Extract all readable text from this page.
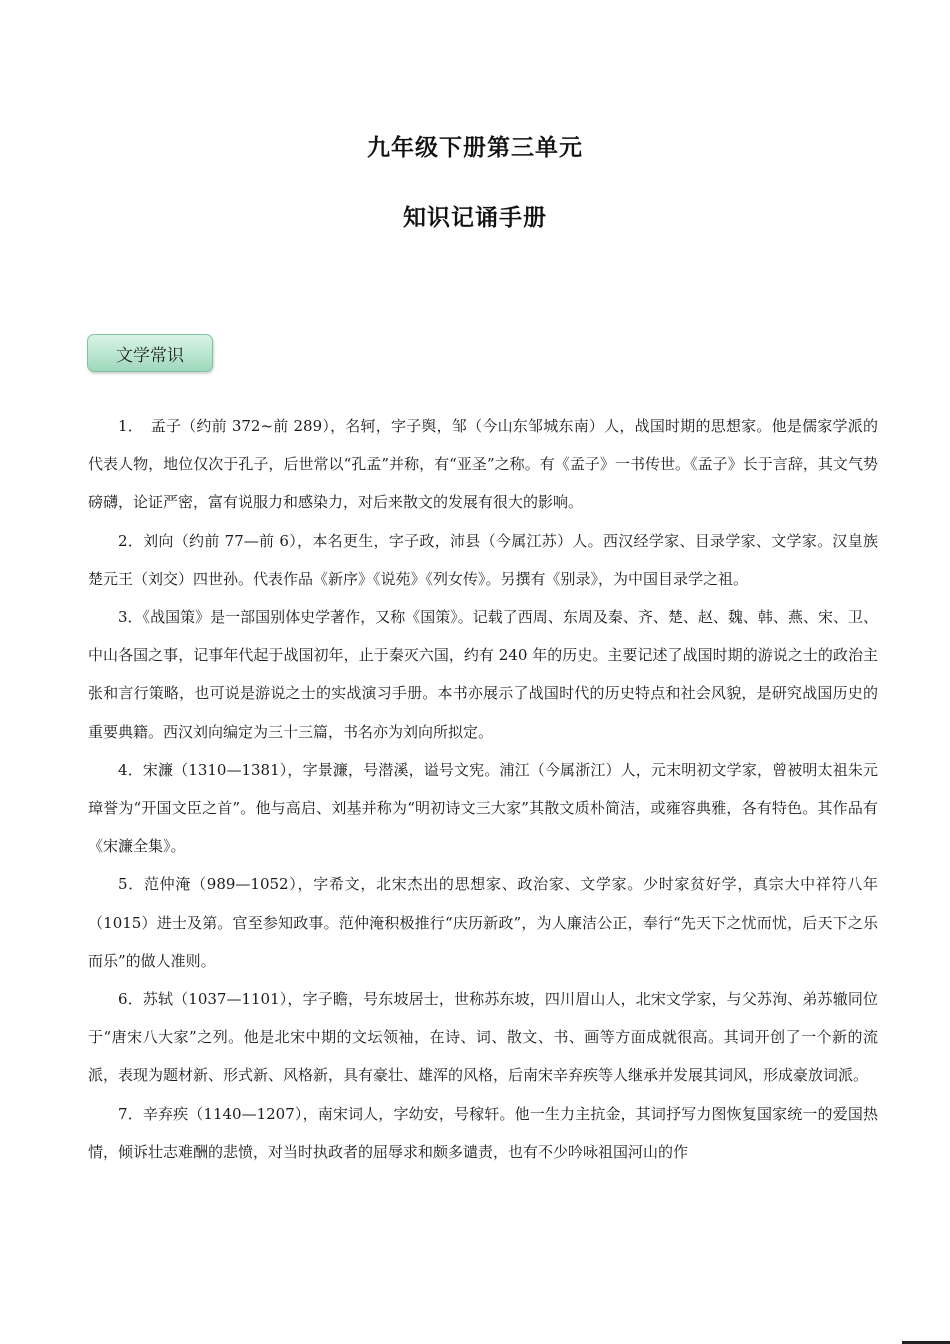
九年级下册第三单元
知识记诵手册
文学常识

1．　孟子（约前 372~前 289），名轲，字子舆，邹（今山东邹城东南）人，战国时期的思想家。他是儒家学派的代表人物，地位仅次于孔子，后世常以“孔孟”并称，有“亚圣”之称。有《孟子》一书传世。《孟子》长于言辞，其文气势磅礴，论证严密，富有说服力和感染力，对后来散文的发展有很大的影响。

2．刘向（约前 77—前 6），本名更生，字子政，沛县（今属江苏）人。西汉经学家、目录学家、文学家。汉皇族楚元王（刘交）四世孙。代表作品《新序》《说苑》《列女传》。另撰有《别录》，为中国目录学之祖。

3．《战国策》是一部国别体史学著作，又称《国策》。记载了西周、东周及秦、齐、楚、赵、魏、韩、燕、宋、卫、中山各国之事，记事年代起于战国初年，止于秦灭六国，约有 240 年的历史。主要记述了战国时期的游说之士的政治主张和言行策略，也可说是游说之士的实战演习手册。本书亦展示了战国时代的历史特点和社会风貌，是研究战国历史的重要典籍。西汉刘向编定为三十三篇，书名亦为刘向所拟定。

4．宋濂（1310—1381），字景濂，号潜溪，谥号文宪。浦江（今属浙江）人，元末明初文学家，曾被明太祖朱元璋誉为“开国文臣之首”。他与高启、刘基并称为“明初诗文三大家”其散文质朴简洁，或雍容典雅，各有特色。其作品有《宋濂全集》。

5．范仲淹（989—1052），字希文，北宋杰出的思想家、政治家、文学家。少时家贫好学，真宗大中祥符八年（1015）进士及第。官至参知政事。范仲淹积极推行“庆历新政”，为人廉洁公正，奉行“先天下之忧而忧，后天下之乐而乐”的做人准则。

6．苏轼（1037—1101），字子瞻，号东坡居士，世称苏东坡，四川眉山人，北宋文学家，与父苏洵、弟苏辙同位于“唐宋八大家”之列。他是北宋中期的文坛领袖，在诗、词、散文、书、画等方面成就很高。其词开创了一个新的流派，表现为题材新、形式新、风格新，具有豪壮、雄浑的风格，后南宋辛弃疾等人继承并发展其词风，形成豪放词派。

7．辛弃疾（1140—1207），南宋词人，字幼安，号稼轩。他一生力主抗金，其词抒写力图恢复国家统一的爱国热情，倾诉壮志难酬的悲愤，对当时执政者的屈辱求和颇多谴责，也有不少吟咏祖国河山的作
